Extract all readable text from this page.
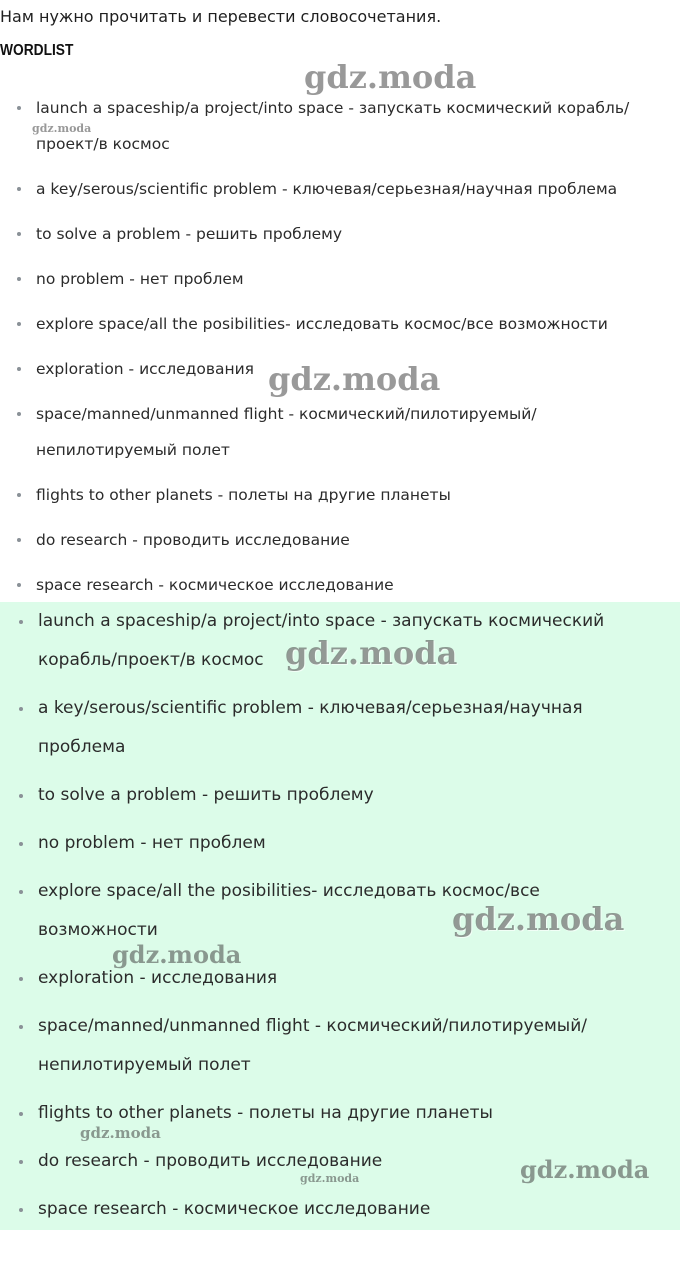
Нам нужно прочитать и перевести словосочетания.
WORDLIST
launch a spaceship/a project/into space - запускать космический корабль/ проект/в космос
a key/serous/scientific problem - ключевая/серьезная/научная проблема
to solve a problem - решить проблему
no problem - нет проблем
explore space/all the posibilities- исследовать космос/все возможности
exploration - исследования
space/manned/unmanned flight - космический/пилотируемый/ непилотируемый полет
flights to other planets - полеты на другие планеты
do research - проводить исследование
space research - космическое исследование
launch a spaceship/a project/into space - запускать космический корабль/проект/в космос
a key/serous/scientific problem - ключевая/серьезная/научная проблема
to solve a problem - решить проблему
no problem - нет проблем
explore space/all the posibilities- исследовать космос/все возможности
exploration - исследования
space/manned/unmanned flight - космический/пилотируемый/ непилотируемый полет
flights to other planets - полеты на другие планеты
do research - проводить исследование
space research - космическое исследование
gdz.moda
gdz.moda
gdz.moda
gdz.moda
gdz.moda
gdz.moda
gdz.moda
gdz.moda
gdz.moda
